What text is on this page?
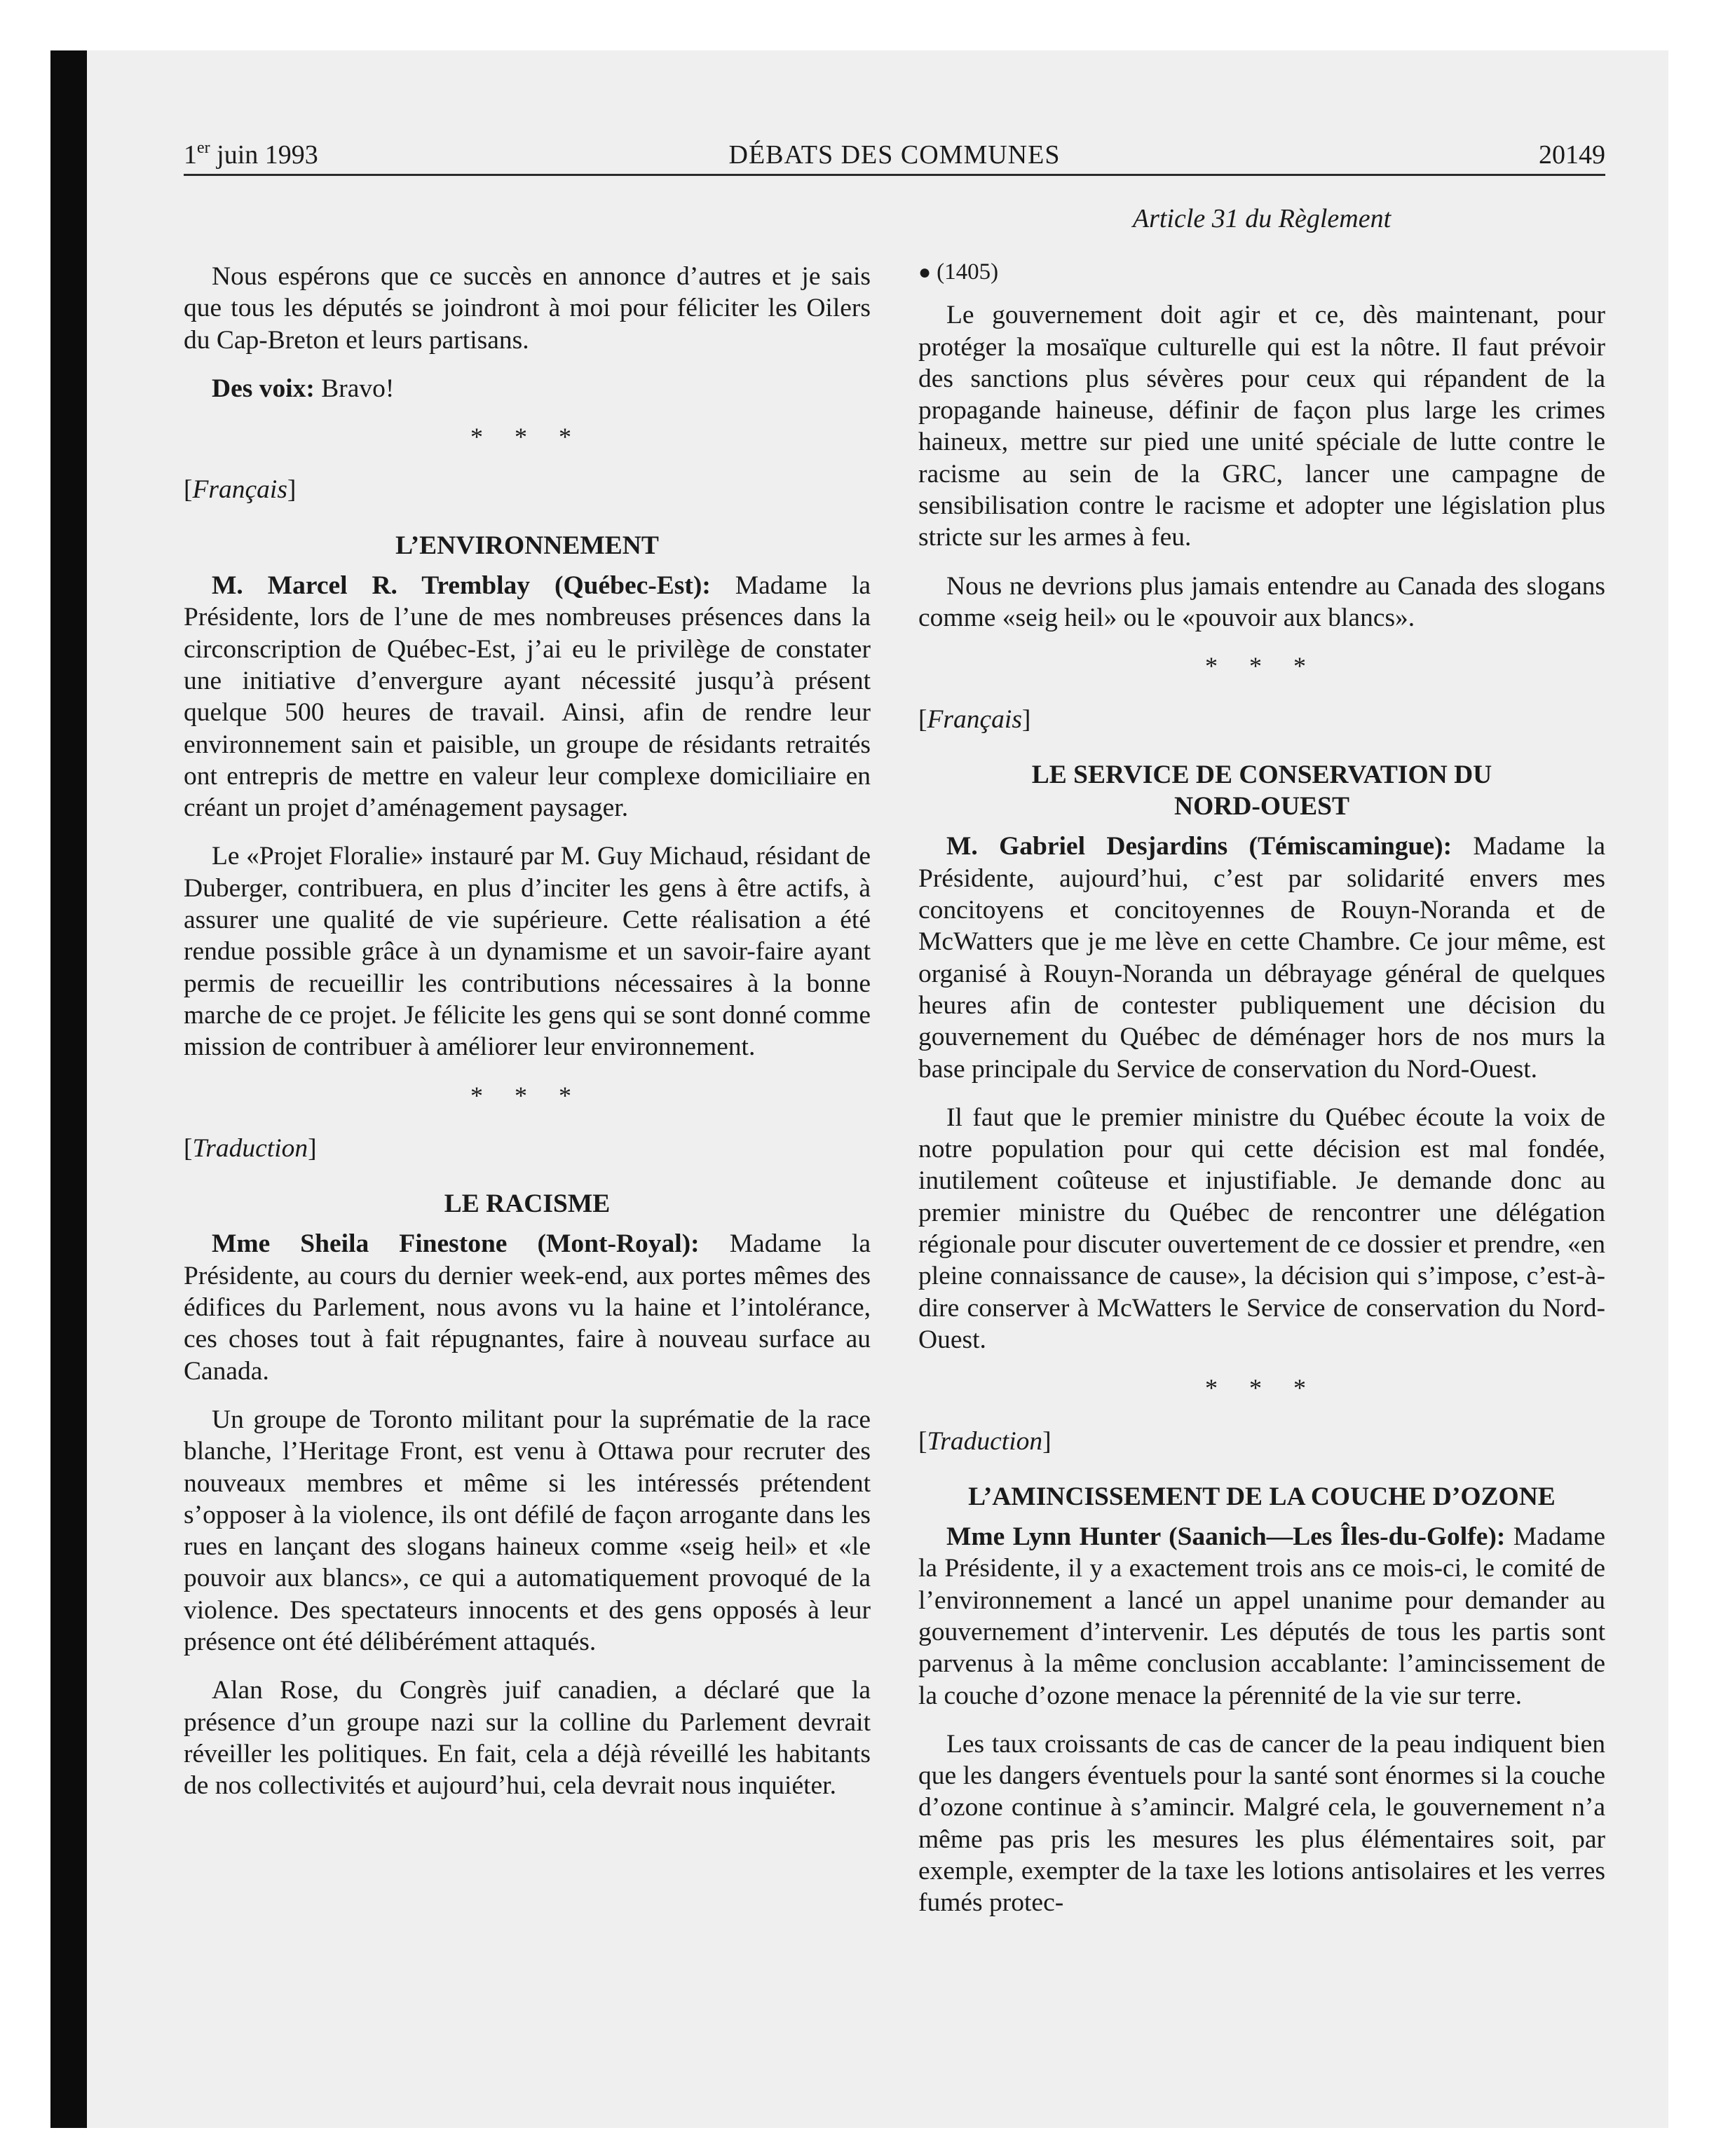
1er juin 1993	DÉBATS DES COMMUNES	20149
Article 31 du Règlement

Nous espérons que ce succès en annonce d’autres et je sais que tous les députés se joindront à moi pour féliciter les Oilers du Cap-Breton et leurs partisans.

Des voix: Bravo!

* * *
[Français]
L’ENVIRONNEMENT

M. Marcel R. Tremblay (Québec-Est): Madame la Présidente, lors de l’une de mes nombreuses présences dans la circonscription de Québec-Est, j’ai eu le privilège de constater une initiative d’envergure ayant nécessité jusqu’à présent quelque 500 heures de travail. Ainsi, afin de rendre leur environnement sain et paisible, un groupe de résidants retraités ont entrepris de mettre en valeur leur complexe domiciliaire en créant un projet d’aménagement paysager.

Le «Projet Floralie» instauré par M. Guy Michaud, résidant de Duberger, contribuera, en plus d’inciter les gens à être actifs, à assurer une qualité de vie supérieure. Cette réalisation a été rendue possible grâce à un dynamisme et un savoir-faire ayant permis de recueillir les contributions nécessaires à la bonne marche de ce projet. Je félicite les gens qui se sont donné comme mission de contribuer à améliorer leur environnement.

* * *
[Traduction]
LE RACISME

Mme Sheila Finestone (Mont-Royal): Madame la Présidente, au cours du dernier week-end, aux portes mêmes des édifices du Parlement, nous avons vu la haine et l’intolérance, ces choses tout à fait répugnantes, faire à nouveau surface au Canada.

Un groupe de Toronto militant pour la suprématie de la race blanche, l’Heritage Front, est venu à Ottawa pour recruter des nouveaux membres et même si les intéressés prétendent s’opposer à la violence, ils ont défilé de façon arrogante dans les rues en lançant des slogans haineux comme «seig heil» et «le pouvoir aux blancs», ce qui a automatiquement provoqué de la violence. Des spectateurs innocents et des gens opposés à leur présence ont été délibérément attaqués.

Alan Rose, du Congrès juif canadien, a déclaré que la présence d’un groupe nazi sur la colline du Parlement devrait réveiller les politiques. En fait, cela a déjà réveillé les habitants de nos collectivités et aujourd’hui, cela devrait nous inquiéter.

● (1405)

Le gouvernement doit agir et ce, dès maintenant, pour protéger la mosaïque culturelle qui est la nôtre. Il faut prévoir des sanctions plus sévères pour ceux qui répandent de la propagande haineuse, définir de façon plus large les crimes haineux, mettre sur pied une unité spéciale de lutte contre le racisme au sein de la GRC, lancer une campagne de sensibilisation contre le racisme et adopter une législation plus stricte sur les armes à feu.

Nous ne devrions plus jamais entendre au Canada des slogans comme «seig heil» ou le «pouvoir aux blancs».

* * *
[Français]
LE SERVICE DE CONSERVATION DU
NORD-OUEST

M. Gabriel Desjardins (Témiscamingue): Madame la Présidente, aujourd’hui, c’est par solidarité envers mes concitoyens et concitoyennes de Rouyn-Noranda et de McWatters que je me lève en cette Chambre. Ce jour même, est organisé à Rouyn-Noranda un débrayage général de quelques heures afin de contester publiquement une décision du gouvernement du Québec de déménager hors de nos murs la base principale du Service de conservation du Nord-Ouest.

Il faut que le premier ministre du Québec écoute la voix de notre population pour qui cette décision est mal fondée, inutilement coûteuse et injustifiable. Je demande donc au premier ministre du Québec de rencontrer une délégation régionale pour discuter ouvertement de ce dossier et prendre, «en pleine connaissance de cause», la décision qui s’impose, c’est-à-dire conserver à McWatters le Service de conservation du Nord-Ouest.

* * *
[Traduction]
L’AMINCISSEMENT DE LA COUCHE D’OZONE

Mme Lynn Hunter (Saanich—Les Îles-du-Golfe): Madame la Présidente, il y a exactement trois ans ce mois-ci, le comité de l’environnement a lancé un appel unanime pour demander au gouvernement d’intervenir. Les députés de tous les partis sont parvenus à la même conclusion accablante: l’amincissement de la couche d’ozone menace la pérennité de la vie sur terre.

Les taux croissants de cas de cancer de la peau indiquent bien que les dangers éventuels pour la santé sont énormes si la couche d’ozone continue à s’amincir. Malgré cela, le gouvernement n’a même pas pris les mesures les plus élémentaires soit, par exemple, exempter de la taxe les lotions antisolaires et les verres fumés protec-
